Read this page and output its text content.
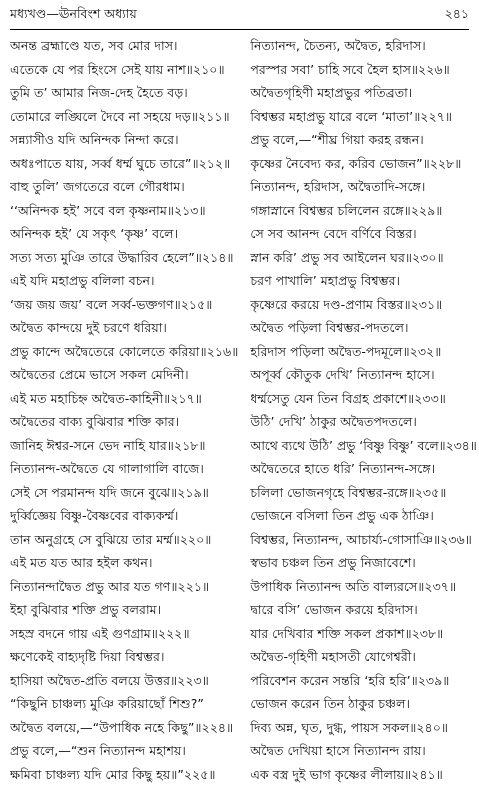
মধ্যখণ্ড—ঊনবিংশ অধ্যায়	২৪১
অনন্ত ব্রহ্মাণ্ডে যত, সব মোর দাস।
এতেকে যে পর হিংসে সেই যায় নাশ॥২১০॥
তুমি ত’ আমার নিজ-দেহ হৈতে বড়।
তোমারে লঙ্ঘিলে দৈবে না সহয়ে দড়॥২১১॥
সন্ন্যাসীও যদি অনিন্দক নিন্দা করে।
অধঃপাতে যায়, সর্ব্ব ধর্ম্ম ঘুচে তারে”॥২১২॥
বাহু তুলি’ জগতেরে বলে গৌরধাম।
‘‘অনিন্দক হই’ সবে বল কৃষ্ণনাম॥২১৩॥
অনিন্দক হই’ যে সকৃৎ ‘কৃষ্ণ’ বলে।
সত্য সত্য মুঞি তারে উদ্ধারিব হেলে”॥২১৪॥
এই যদি মহাপ্রভু বলিলা বচন।
‘জয় জয় জয়’ বলে সর্ব্ব-ভক্তগণ॥২১৫॥
অদ্বৈত কান্দয়ে দুই চরণে ধরিয়া।
প্রভু কান্দে অদ্বৈতেরে কোলেতে করিয়া॥২১৬॥
অদ্বৈতের প্রেমে ভাসে সকল মেদিনী।
এই মত মহাচিহ্ন অদ্বৈত-কাহিনী॥২১৭॥
অদ্বৈতের বাক্য বুঝিবার শক্তি কার।
জানিহ ঈশ্বর-সনে ভেদ নাহি যার॥২১৮॥
নিত্যানন্দ-অদ্বৈতে যে গালাগালি বাজে।
সেই সে পরমানন্দ যদি জনে বুঝে॥২১৯॥
দুর্ব্বিজ্ঞেয় বিষ্ণু-বৈষ্ণবের বাক্যকর্ম্ম।
তান অনুগ্রহে সে বুঝিয়ে তার মর্ম্ম॥২২০॥
এই মত যত আর হইল কথন।
নিত্যানন্দাদ্বৈত প্রভু আর যত গণ॥২২১॥
ইহা বুঝিবার শক্তি প্রভু বলরাম।
সহস্র বদনে গায় এই গুণগ্রাম॥২২২॥
ক্ষণেকেই বাহ্যদৃষ্টি দিয়া বিশ্বম্ভর।
হাসিয়া অদ্বৈত-প্রতি বলয়ে উত্তর॥২২৩॥
“কিছুনি চাঞ্চল্য মুঞি করিয়াছোঁ শিশু?”
অদ্বৈত বলয়ে,—“উপাধিক নহে কিছু”॥২২৪॥
প্রভু বলে,—“শুন নিত্যানন্দ মহাশয়।
ক্ষমিবা চাঞ্চল্য যদি মোর কিছু হয়॥”২২৫॥
নিত্যানন্দ, চৈতন্য, অদ্বৈত, হরিদাস।
পরস্পর সবা’ চাহি সবে হৈল হাস॥২২৬॥
অদ্বৈতগৃহিণী মহাপ্রভুর পতিব্রতা।
বিশ্বম্ভর মহাপ্রভু যারে বলে ‘মাতা’॥২২৭॥
প্রভু বলে,—“শীঘ্র গিয়া করহ রন্ধন।
কৃষ্ণের নৈবেদ্য কর, করিব ভোজন”॥২২৮॥
নিত্যানন্দ, হরিদাস, অদ্বৈতাদি-সঙ্গে।
গঙ্গাস্নানে বিশ্বম্ভর চলিলেন রঙ্গে॥২২৯॥
সে সব আনন্দ বেদে বর্ণিবে বিস্তর।
স্নান করি’ প্রভু সব আইলেন ঘর॥২৩০॥
চরণ পাখালি’ মহাপ্রভু বিশ্বম্ভর।
কৃষ্ণেরে করয়ে দণ্ড-প্রণাম বিস্তর॥২৩১॥
অদ্বৈত পড়িলা বিশ্বম্ভর-পদতলে।
হরিদাস পড়িলা অদ্বৈত-পদমূলে॥২৩২॥
অপূর্ব্ব কৌতুক দেখি’ নিত্যানন্দ হাসে।
ধর্ম্মসেতু যেন তিন বিগ্রহ প্রকাশে॥২৩৩॥
উঠি’ দেখি’ ঠাকুর অদ্বৈতপদতলে।
আথে ব্যথে উঠি’ প্রভু ‘বিষ্ণু বিষ্ণু’ বলে॥২৩৪॥
অদ্বৈতেরে হাতে ধরি’ নিত্যানন্দ-সঙ্গে।
চলিলা ভোজনগৃহে বিশ্বম্ভর-রঙ্গে॥২৩৫॥
ভোজনে বসিলা তিন প্রভু এক ঠাঞি।
বিশ্বম্ভর, নিত্যানন্দ, আচার্য্য-গোসাঞি॥২৩৬॥
স্বভাব চঞ্চল তিন প্রভু নিজাবেশে।
উপাধিক নিত্যানন্দ অতি বাল্যরসে॥২৩৭॥
দ্বারে বসি’ ভোজন করয়ে হরিদাস।
যার দেখিবার শক্তি সকল প্রকাশ॥২৩৮॥
অদ্বৈত-গৃহিণী মহাসতী যোগেশ্বরী।
পরিবেশন করেন সন্তরি ‘হরি হরি’॥২৩৯॥
ভোজন করেন তিন ঠাকুর চঞ্চল।
দিব্য অন্ন, ঘৃত, দুগ্ধ, পায়স সকল॥২৪০॥
অদ্বৈত দেখিয়া হাসে নিত্যানন্দ রায়।
এক বস্ত্র দুই ভাগ কৃষ্ণের লীলায়॥২৪১॥
